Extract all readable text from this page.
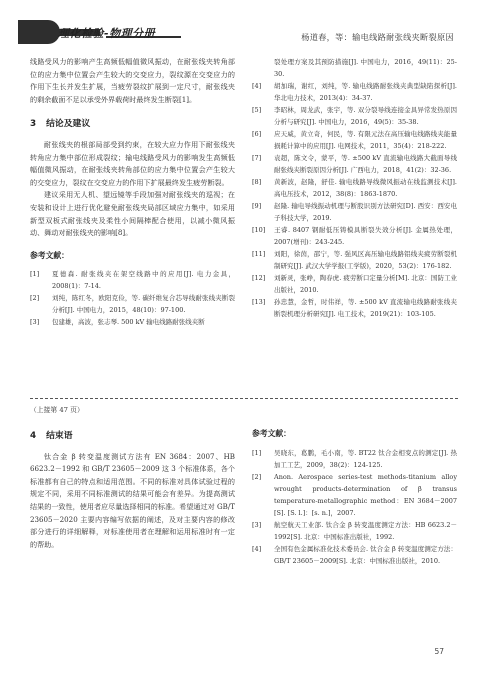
理化检验-物理分册	杨道春，等：输电线路耐张线夹断裂原因

线路受风力的影响产生高频低幅值微风振动，在耐张线夹转角部位的应力集中位置会产生较大的交变应力，裂纹源在交变应力的作用下生长并发生扩展，当疲劳裂纹扩展到一定尺寸，耐张线夹的剩余截面不足以承受外界载荷时最终发生断裂[1]。

3 结论及建议

耐张线夹的根部局部受到约束，在较大应力作用下耐张线夹转角应力集中部位形成裂纹；输电线路受风力的影响发生高频低幅值微风振动，在耐张线夹转角部位的应力集中位置会产生较大的交变应力，裂纹在交变应力的作用下扩展最终发生疲劳断裂。

建议采用无人机、望远镜等手段加强对耐张线夹的巡视；在安装和设计上进行优化避免耐张线夹局部区域应力集中，如采用新型双板式耐张线夹及柔性小间隔棒配合使用，以减小微风振动、舞动对耐张线夹的影响[8]。

参考文献：
[1]	夏德森. 耐张线夹在架空线路中的应用[J]. 电力金具，2008(1)：7-14.
[2]	刘纯，陈红冬，欧阳克俭，等. 碳纤维复合芯导线耐张线夹断裂分析[J]. 中国电力，2015，48(10)：97-100.
[3]	包建雄，高波，张志琴. 500 kV 输电线路耐张线夹断
裂处理方案及其预防措施[J]. 中国电力，2016，49(11)：25-30.
[4]	胡加瑞，谢红，刘纯，等. 输电线路耐张线夹典型缺陷探析[J]. 华北电力技术，2013(4)：34-37.
[5]	李昭林，周龙武，张宇，等. 双分裂导线连接金具异常发热原因分析与研究[J]. 中国电力，2016，49(5)：35-38.
[6]	应天威，黄立奇，何民，等. 有限元法在高压输电线路线夹能量损耗计算中的应用[J]. 电网技术，2011，35(4)：218-222.
[7]	袁超，陈文令，蒙平，等. ±500 kV 直流输电线路大截面导线耐张线夹断裂原因分析[J]. 广西电力，2018，41(2)：32-36.
[8]	黄新波，赵隆，舒佳. 输电线路导线微风振动在线监测技术[J]. 高电压技术，2012，38(8)：1863-1870.
[9]	赵隆. 输电导线振动机理与断股识别方法研究[D]. 西安：西安电子科技大学，2019.
[10]	王睿. 8407 钢耐低压铸模具断裂失效分析[J]. 金属热处理，2007(增刊)：243-245.
[11]	刘阳，徐茵，邵宁，等. 强风区高压输电线路铝线夹疲劳断裂机制研究[J]. 武汉大学学报(工学版)，2020，53(2)：176-182.
[12]	刘新灵，张峥，陶春虎. 疲劳断口定量分析[M]. 北京：国防工业出版社，2010.
[13]	孙忠慧，金哲，时伟祥，等. ±500 kV 直流输电线路耐张线夹断裂机理分析研究[J]. 电工技术，2019(21)：103-105.
（上接第 47 页）
4 结束语

钛合金 β 转变温度测试方法有 EN 3684：2007、HB 6623.2－1992 和 GB/T 23605－2009 这 3 个标准体系，各个标准都有自己的特点和适用范围。不同的标准对具体试验过程的规定不同，采用不同标准测试的结果可能会有差异。为提高测试结果的一致性，使用者应尽量选择相同的标准。希望通过对 GB/T 23605－2020 主要内容编写依据的阐述，及对主要内容的修改部分进行的详细解释，对标准使用者在理解和运用标准时有一定的帮助。

参考文献：
[1]	吴晓东，葛鹏，毛小南，等. BT22 钛合金相变点的测定[J]. 热加工工艺，2009，38(2)：124-125.
[2]	Anon. Aerospace series-test methods-titanium alloy wrought products-determination of β transus temperature-metallographic method：EN 3684－2007 [S]. [S. l.]：[s. n.]，2007.
[3]	航空航天工业部. 钛合金 β 转变温度测定方法：HB 6623.2－1992[S]. 北京：中国标准出版社，1992.
[4]	全国有色金属标准化技术委员会. 钛合金 β 转变温度测定方法：GB/T 23605－2009[S]. 北京：中国标准出版社，2010.
57
